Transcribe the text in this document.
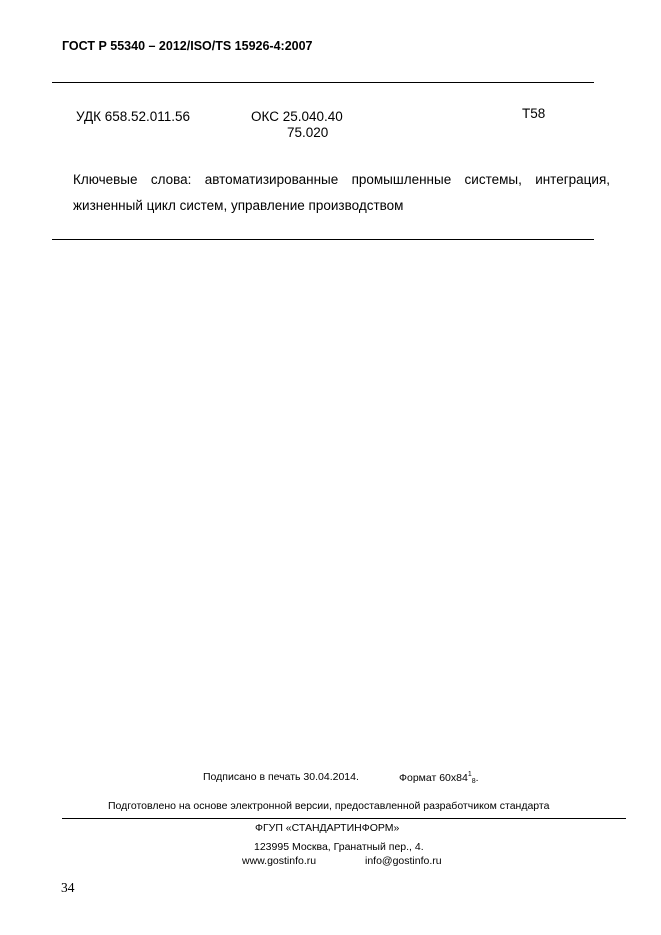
ГОСТ Р 55340 – 2012/ISO/TS 15926-4:2007
УДК 658.52.011.56	ОКС 25.040.40
75.020
Т58
Ключевые слова: автоматизированные промышленные системы, интеграция,
жизненный цикл систем, управление производством
Подписано в печать 30.04.2014.	Формат $60x84^1_8$.
Подготовлено на основе электронной версии, предоставленной разработчиком стандарта
ФГУП «СТАНДАРТИНФОРМ»
123995 Москва, Гранатный пер., 4.
www.gostinfo.ru	info@gostinfo.ru
34
